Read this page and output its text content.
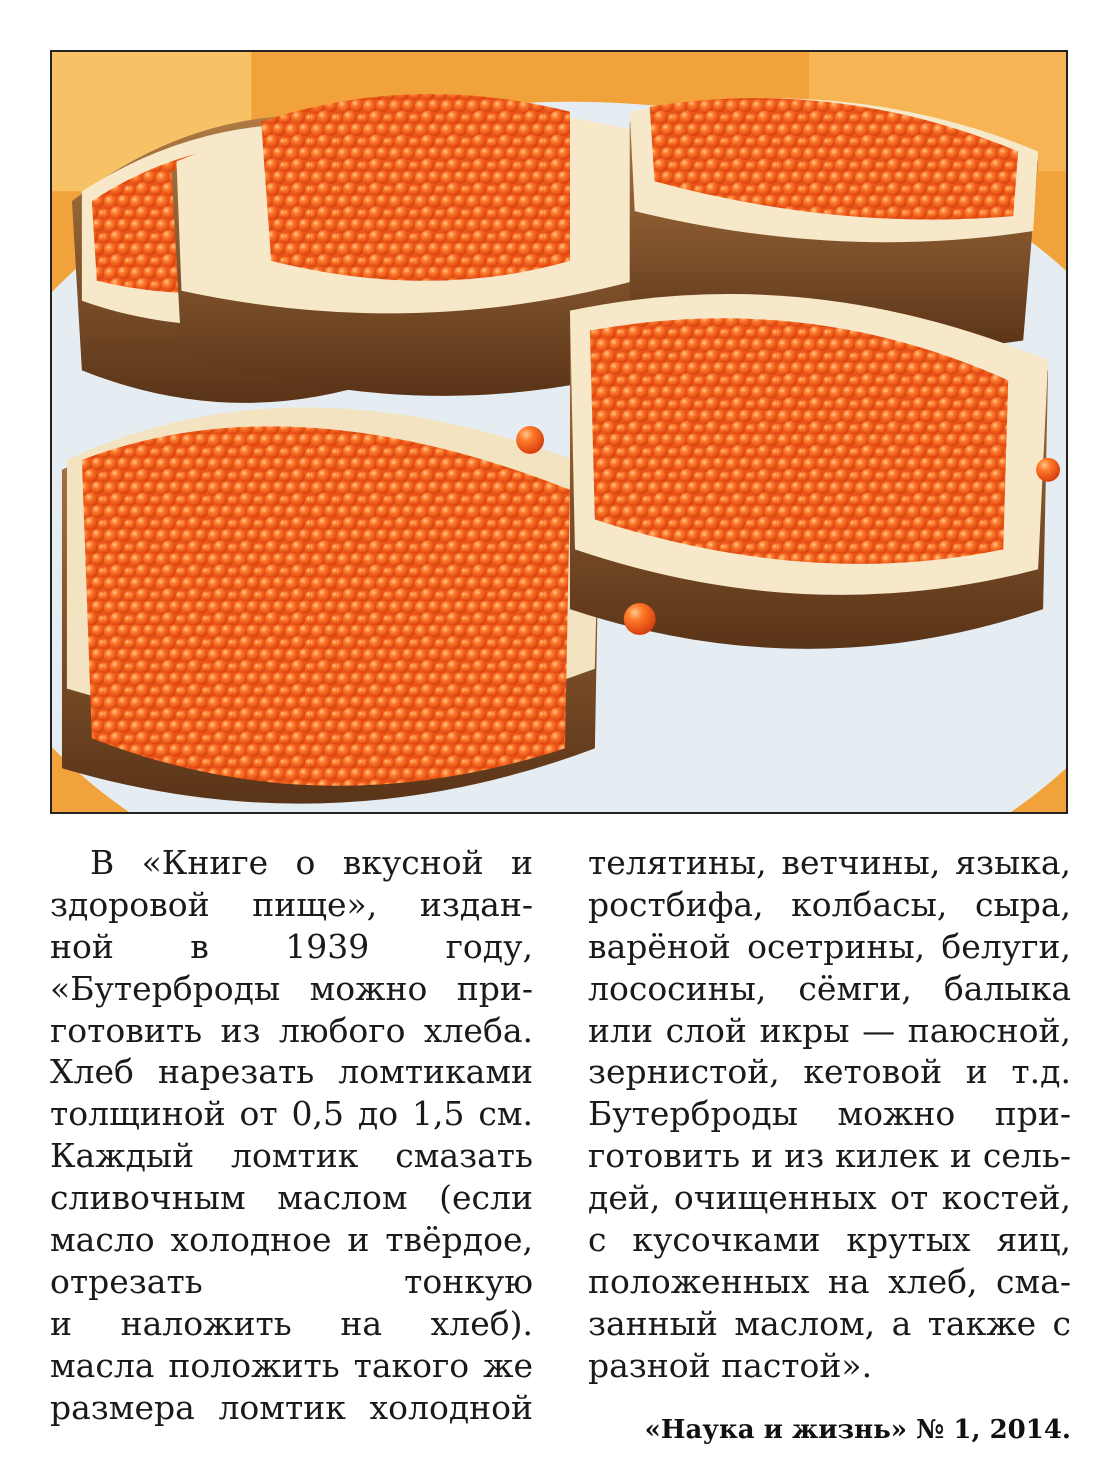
В «Книге о вкусной и
здоровой пище», издан-
ной в 1939 году,
«Бутерброды можно при-
готовить из любого хлеба.
Хлеб нарезать ломтиками
толщиной от 0,5 до 1,5 см.
Каждый ломтик смазать
сливочным маслом (если
масло холодное и твёрдое,
отрезать тонкую
и наложить на хлеб).
масла положить такого же
размера ломтик холодной
телятины, ветчины, языка,
ростбифа, колбасы, сыра,
варёной осетрины, белуги,
лососины, сёмги, балыка
или слой икры — паюсной,
зернистой, кетовой и т.д.
Бутерброды можно при-
готовить и из килек и сель-
дей, очищенных от костей,
с кусочками крутых яиц,
положенных на хлеб, сма-
занный маслом, а также с
разной пастой».
«Наука и жизнь» № 1, 2014.
